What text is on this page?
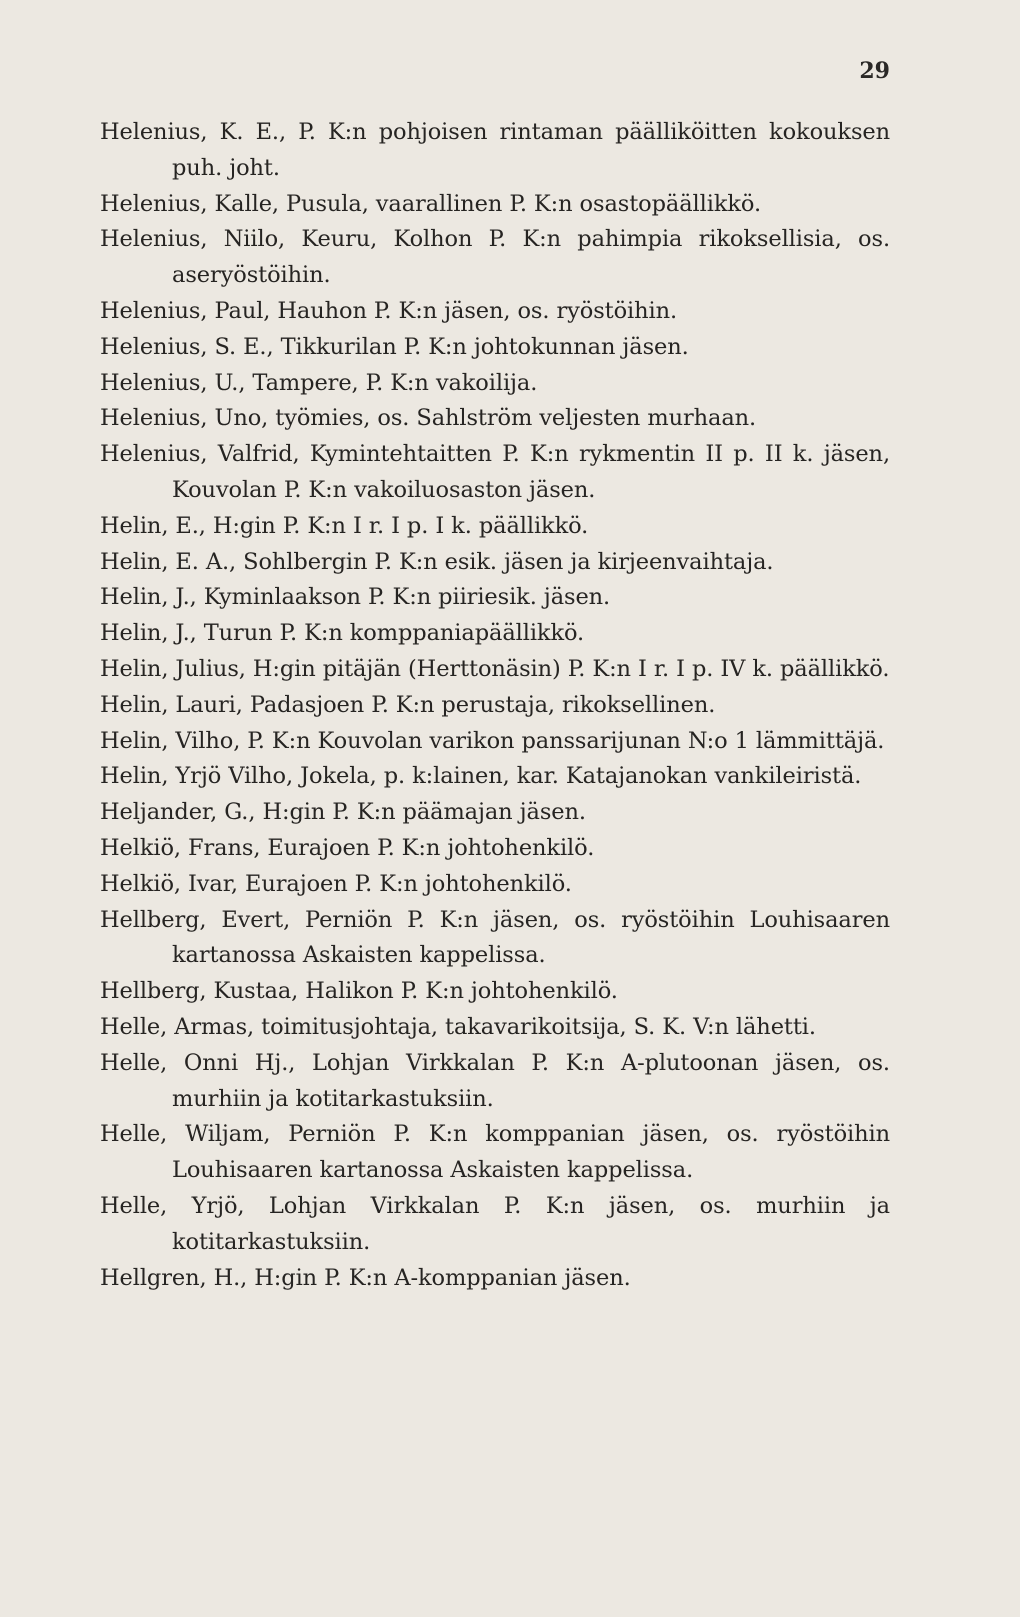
29

Helenius, K. E., P. K:n pohjoisen rintaman päälliköitten kokouksen puh. joht.

Helenius, Kalle, Pusula, vaarallinen P. K:n osastopäällikkö.

Helenius, Niilo, Keuru, Kolhon P. K:n pahimpia rikoksellisia, os. aseryöstöihin.

Helenius, Paul, Hauhon P. K:n jäsen, os. ryöstöihin.

Helenius, S. E., Tikkurilan P. K:n johtokunnan jäsen.

Helenius, U., Tampere, P. K:n vakoilija.

Helenius, Uno, työmies, os. Sahlström veljesten murhaan.

Helenius, Valfrid, Kymintehtaitten P. K:n rykmentin II p. II k. jäsen, Kouvolan P. K:n vakoiluosaston jäsen.

Helin, E., H:gin P. K:n I r. I p. I k. päällikkö.

Helin, E. A., Sohlbergin P. K:n esik. jäsen ja kirjeenvaihtaja.

Helin, J., Kyminlaakson P. K:n piiriesik. jäsen.

Helin, J., Turun P. K:n komppaniapäällikkö.

Helin, Julius, H:gin pitäjän (Herttonäsin) P. K:n I r. I p. IV k. päällikkö.

Helin, Lauri, Padasjoen P. K:n perustaja, rikoksellinen.

Helin, Vilho, P. K:n Kouvolan varikon panssarijunan N:o 1 lämmittäjä.

Helin, Yrjö Vilho, Jokela, p. k:lainen, kar. Katajanokan vankileiristä.

Heljander, G., H:gin P. K:n päämajan jäsen.

Helkiö, Frans, Eurajoen P. K:n johtohenkilö.

Helkiö, Ivar, Eurajoen P. K:n johtohenkilö.

Hellberg, Evert, Perniön P. K:n jäsen, os. ryöstöihin Louhisaaren kartanossa Askaisten kappelissa.

Hellberg, Kustaa, Halikon P. K:n johtohenkilö.

Helle, Armas, toimitusjohtaja, takavarikoitsija, S. K. V:n lähetti.

Helle, Onni Hj., Lohjan Virkkalan P. K:n A-plutoonan jäsen, os. murhiin ja kotitarkastuksiin.

Helle, Wiljam, Perniön P. K:n komppanian jäsen, os. ryöstöihin Louhisaaren kartanossa Askaisten kappelissa.

Helle, Yrjö, Lohjan Virkkalan P. K:n jäsen, os. murhiin ja kotitarkastuksiin.

Hellgren, H., H:gin P. K:n A-komppanian jäsen.
